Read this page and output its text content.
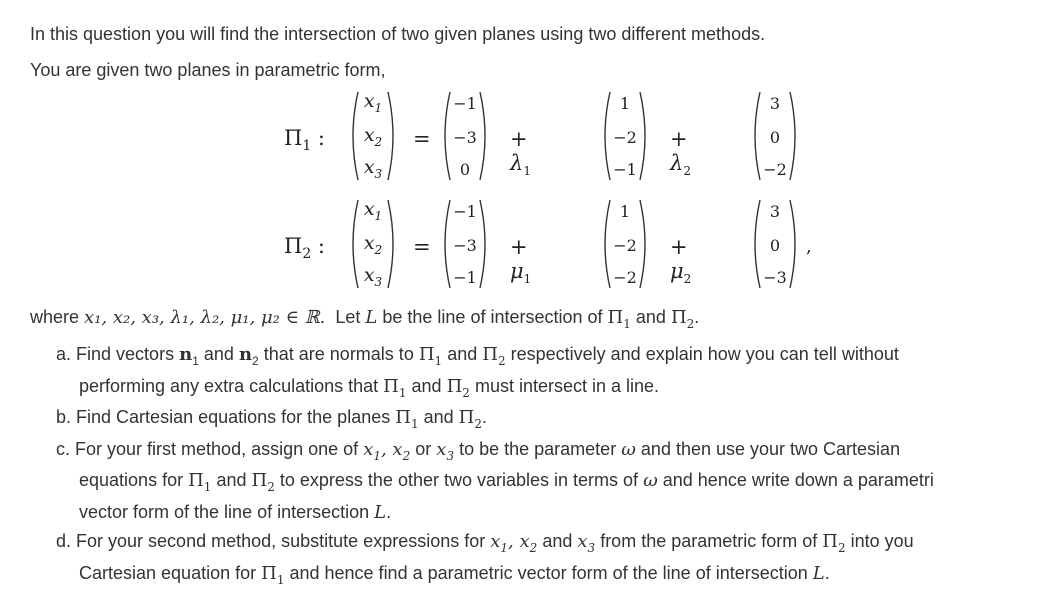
In this question you will find the intersection of two given planes using two different methods.
You are given two planes in parametric form,
$\Pi_1$ :
$x_1$
$x_2$
$x_3$
=
−1
−3
0
+ $\lambda_1$
1
−2
−1
+ $\lambda_2$
3
0
−2
$\Pi_2$ :
$x_1$
$x_2$
$x_3$
=
−1
−3
−1
+ $\mu_1$
1
−2
−2
+ $\mu_2$
3
0
−3
,
where x₁, x₂, x₃, λ₁, λ₂, μ₁, μ₂ ∈ ℝ. Let L be the line of intersection of $\Pi_1$ and $\Pi_2$.
a. Find vectors $n_1$ and $n_2$ that are normals to $\Pi_1$ and $\Pi_2$ respectively and explain how you can tell without
performing any extra calculations that $\Pi_1$ and $\Pi_2$ must intersect in a line.
b. Find Cartesian equations for the planes $\Pi_1$ and $\Pi_2$.
c. For your first method, assign one of $x_1$, $x_2$ or $x_3$ to be the parameter ω and then use your two Cartesian
equations for $\Pi_1$ and $\Pi_2$ to express the other two variables in terms of ω and hence write down a parametri
vector form of the line of intersection L.
d. For your second method, substitute expressions for $x_1$, $x_2$ and $x_3$ from the parametric form of $\Pi_2$ into you
Cartesian equation for $\Pi_1$ and hence find a parametric vector form of the line of intersection L.
